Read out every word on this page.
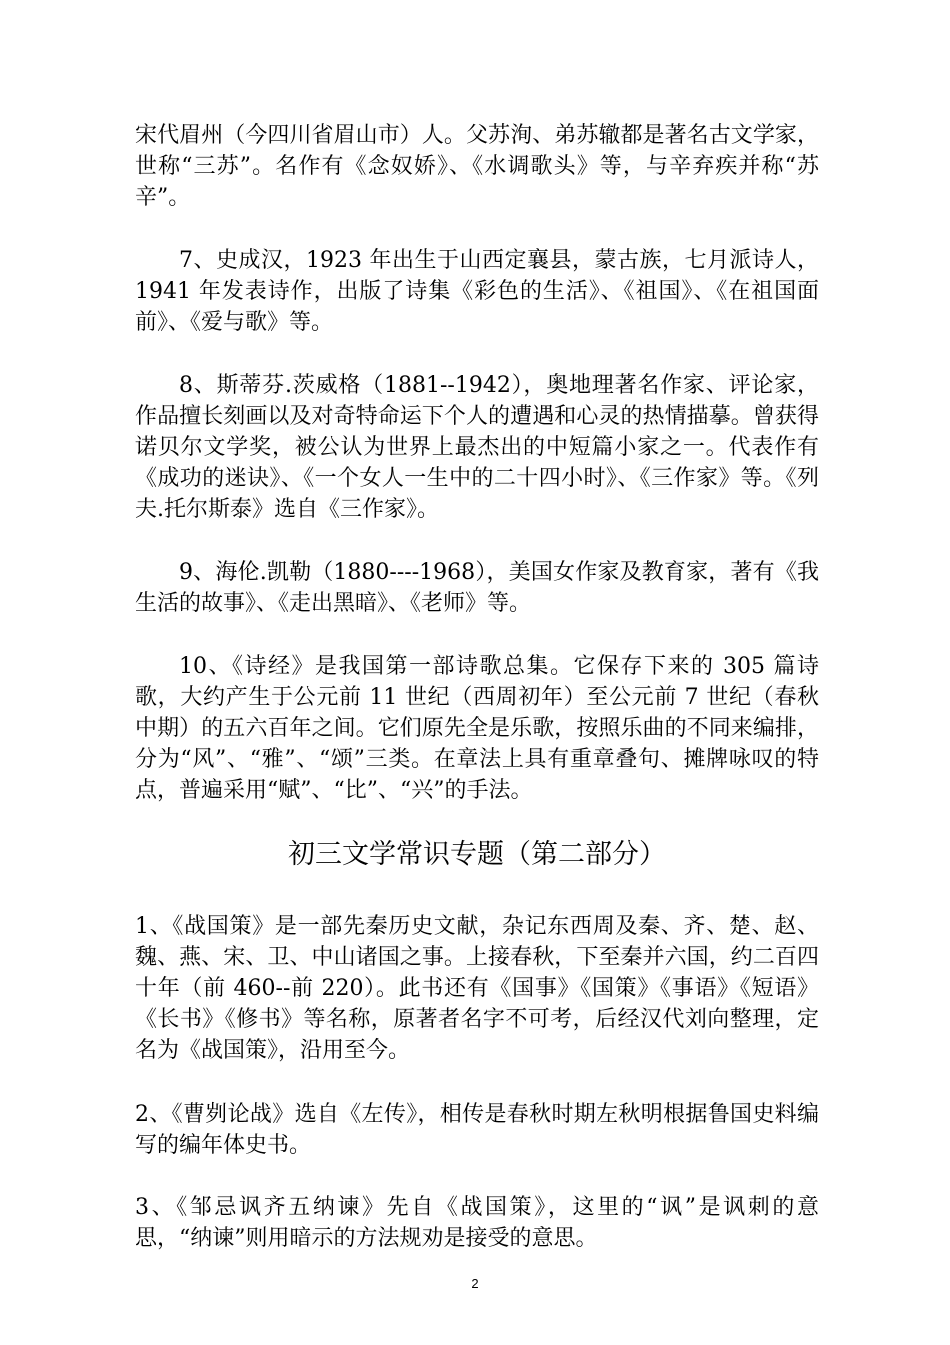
宋代眉州（今四川省眉山市）人。父苏洵、弟苏辙都是著名古文学家，世称“三苏”。名作有《念奴娇》、《水调歌头》等，与辛弃疾并称“苏辛”。

7、史成汉，1923 年出生于山西定襄县，蒙古族，七月派诗人，1941 年发表诗作，出版了诗集《彩色的生活》、《祖国》、《在祖国面前》、《爱与歌》等。

8、斯蒂芬.茨威格（1881--1942），奥地理著名作家、评论家，作品擅长刻画以及对奇特命运下个人的遭遇和心灵的热情描摹。曾获得诺贝尔文学奖，被公认为世界上最杰出的中短篇小家之一。代表作有《成功的迷诀》、《一个女人一生中的二十四小时》、《三作家》等。《列夫.托尔斯泰》选自《三作家》。

9、海伦.凯勒（1880----1968），美国女作家及教育家，著有《我生活的故事》、《走出黑暗》、《老师》等。

10、《诗经》是我国第一部诗歌总集。它保存下来的 305 篇诗歌，大约产生于公元前 11 世纪（西周初年）至公元前 7 世纪（春秋中期）的五六百年之间。它们原先全是乐歌，按照乐曲的不同来编排，分为“风”、“雅”、“颂”三类。在章法上具有重章叠句、摊牌咏叹的特点，普遍采用“赋”、“比”、“兴”的手法。

初三文学常识专题（第二部分）

1、《战国策》是一部先秦历史文献，杂记东西周及秦、齐、楚、赵、魏、燕、宋、卫、中山诸国之事。上接春秋，下至秦并六国，约二百四十年（前 460--前 220）。此书还有《国事》《国策》《事语》《短语》《长书》《修书》等名称，原著者名字不可考，后经汉代刘向整理，定名为《战国策》，沿用至今。

2、《曹刿论战》选自《左传》，相传是春秋时期左秋明根据鲁国史料编写的编年体史书。

3、《邹忌讽齐五纳谏》先自《战国策》，这里的“讽”是讽刺的意思，“纳谏”则用暗示的方法规劝是接受的意思。

2
